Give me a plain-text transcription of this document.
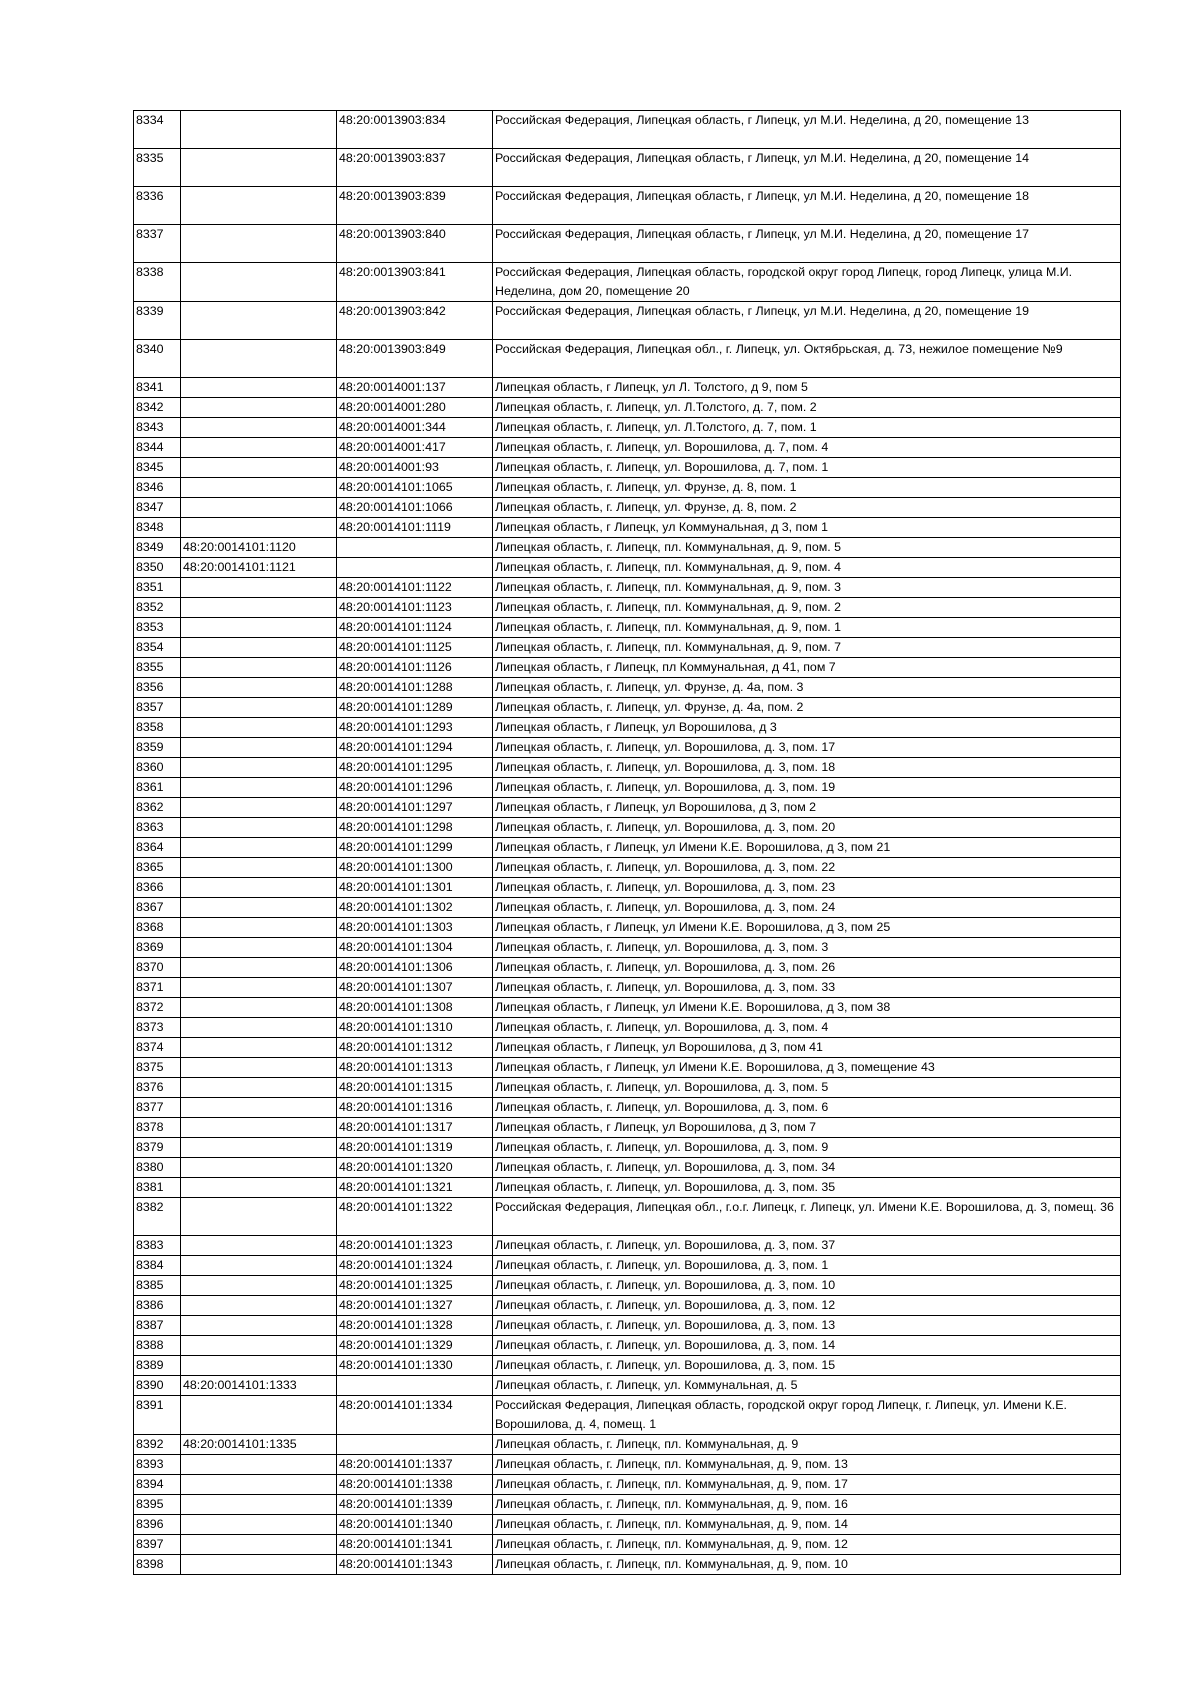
8334		48:20:0013903:834	Российская Федерация, Липецкая область, г Липецк, ул М.И. Неделина, д 20, помещение 13
8335		48:20:0013903:837	Российская Федерация, Липецкая область, г Липецк, ул М.И. Неделина, д 20, помещение 14
8336		48:20:0013903:839	Российская Федерация, Липецкая область, г Липецк, ул М.И. Неделина, д 20, помещение 18
8337		48:20:0013903:840	Российская Федерация, Липецкая область, г Липецк, ул М.И. Неделина, д 20, помещение 17
8338		48:20:0013903:841	Российская Федерация, Липецкая область, городской округ город Липецк, город Липецк, улица М.И. Неделина, дом 20, помещение 20
8339		48:20:0013903:842	Российская Федерация, Липецкая область, г Липецк, ул М.И. Неделина, д 20, помещение 19
8340		48:20:0013903:849	Российская Федерация, Липецкая обл., г. Липецк, ул. Октябрьская, д. 73, нежилое помещение №9
8341		48:20:0014001:137	Липецкая область, г Липецк, ул Л. Толстого, д 9, пом 5
8342		48:20:0014001:280	Липецкая область, г. Липецк, ул. Л.Толстого, д. 7, пом. 2
8343		48:20:0014001:344	Липецкая область, г. Липецк, ул. Л.Толстого, д. 7, пом. 1
8344		48:20:0014001:417	Липецкая область, г. Липецк, ул. Ворошилова, д. 7, пом. 4
8345		48:20:0014001:93	Липецкая область, г. Липецк, ул. Ворошилова, д. 7, пом. 1
8346		48:20:0014101:1065	Липецкая область, г. Липецк, ул. Фрунзе, д. 8, пом. 1
8347		48:20:0014101:1066	Липецкая область, г. Липецк, ул. Фрунзе, д. 8, пом. 2
8348		48:20:0014101:1119	Липецкая область, г Липецк, ул Коммунальная, д 3, пом 1
8349	48:20:0014101:1120		Липецкая область, г. Липецк, пл. Коммунальная, д. 9, пом. 5
8350	48:20:0014101:1121		Липецкая область, г. Липецк, пл. Коммунальная, д. 9, пом. 4
8351		48:20:0014101:1122	Липецкая область, г. Липецк, пл. Коммунальная, д. 9, пом. 3
8352		48:20:0014101:1123	Липецкая область, г. Липецк, пл. Коммунальная, д. 9, пом. 2
8353		48:20:0014101:1124	Липецкая область, г. Липецк, пл. Коммунальная, д. 9, пом. 1
8354		48:20:0014101:1125	Липецкая область, г. Липецк, пл. Коммунальная, д. 9, пом. 7
8355		48:20:0014101:1126	Липецкая область, г Липецк, пл Коммунальная, д 41, пом 7
8356		48:20:0014101:1288	Липецкая область, г. Липецк, ул. Фрунзе, д. 4а, пом. 3
8357		48:20:0014101:1289	Липецкая область, г. Липецк, ул. Фрунзе, д. 4а, пом. 2
8358		48:20:0014101:1293	Липецкая область, г Липецк, ул Ворошилова, д 3
8359		48:20:0014101:1294	Липецкая область, г. Липецк, ул. Ворошилова, д. 3, пом. 17
8360		48:20:0014101:1295	Липецкая область, г. Липецк, ул. Ворошилова, д. 3, пом. 18
8361		48:20:0014101:1296	Липецкая область, г. Липецк, ул. Ворошилова, д. 3, пом. 19
8362		48:20:0014101:1297	Липецкая область, г Липецк, ул Ворошилова, д 3, пом 2
8363		48:20:0014101:1298	Липецкая область, г. Липецк, ул. Ворошилова, д. 3, пом. 20
8364		48:20:0014101:1299	Липецкая область, г Липецк, ул Имени К.Е. Ворошилова, д 3, пом 21
8365		48:20:0014101:1300	Липецкая область, г. Липецк, ул. Ворошилова, д. 3, пом. 22
8366		48:20:0014101:1301	Липецкая область, г. Липецк, ул. Ворошилова, д. 3, пом. 23
8367		48:20:0014101:1302	Липецкая область, г. Липецк, ул. Ворошилова, д. 3, пом. 24
8368		48:20:0014101:1303	Липецкая область, г Липецк, ул Имени К.Е. Ворошилова, д 3, пом 25
8369		48:20:0014101:1304	Липецкая область, г. Липецк, ул. Ворошилова, д. 3, пом. 3
8370		48:20:0014101:1306	Липецкая область, г. Липецк, ул. Ворошилова, д. 3, пом. 26
8371		48:20:0014101:1307	Липецкая область, г. Липецк, ул. Ворошилова, д. 3, пом. 33
8372		48:20:0014101:1308	Липецкая область, г Липецк, ул Имени К.Е. Ворошилова, д 3, пом 38
8373		48:20:0014101:1310	Липецкая область, г. Липецк, ул. Ворошилова, д. 3, пом. 4
8374		48:20:0014101:1312	Липецкая область, г Липецк, ул Ворошилова, д 3, пом 41
8375		48:20:0014101:1313	Липецкая область, г Липецк, ул Имени К.Е. Ворошилова, д 3, помещение 43
8376		48:20:0014101:1315	Липецкая область, г. Липецк, ул. Ворошилова, д. 3, пом. 5
8377		48:20:0014101:1316	Липецкая область, г. Липецк, ул. Ворошилова, д. 3, пом. 6
8378		48:20:0014101:1317	Липецкая область, г Липецк, ул Ворошилова, д 3, пом 7
8379		48:20:0014101:1319	Липецкая область, г. Липецк, ул. Ворошилова, д. 3, пом. 9
8380		48:20:0014101:1320	Липецкая область, г. Липецк, ул. Ворошилова, д. 3, пом. 34
8381		48:20:0014101:1321	Липецкая область, г. Липецк, ул. Ворошилова, д. 3, пом. 35
8382		48:20:0014101:1322	Российская Федерация, Липецкая обл., г.о.г. Липецк, г. Липецк, ул. Имени К.Е. Ворошилова, д. 3, помещ. 36
8383		48:20:0014101:1323	Липецкая область, г. Липецк, ул. Ворошилова, д. 3, пом. 37
8384		48:20:0014101:1324	Липецкая область, г. Липецк, ул. Ворошилова, д. 3, пом. 1
8385		48:20:0014101:1325	Липецкая область, г. Липецк, ул. Ворошилова, д. 3, пом. 10
8386		48:20:0014101:1327	Липецкая область, г. Липецк, ул. Ворошилова, д. 3, пом. 12
8387		48:20:0014101:1328	Липецкая область, г. Липецк, ул. Ворошилова, д. 3, пом. 13
8388		48:20:0014101:1329	Липецкая область, г. Липецк, ул. Ворошилова, д. 3, пом. 14
8389		48:20:0014101:1330	Липецкая область, г. Липецк, ул. Ворошилова, д. 3, пом. 15
8390	48:20:0014101:1333		Липецкая область, г. Липецк, ул. Коммунальная, д. 5
8391		48:20:0014101:1334	Российская Федерация, Липецкая область, городской округ город Липецк, г. Липецк, ул. Имени К.Е. Ворошилова, д. 4, помещ. 1
8392	48:20:0014101:1335		Липецкая область, г. Липецк, пл. Коммунальная, д. 9
8393		48:20:0014101:1337	Липецкая область, г. Липецк, пл. Коммунальная, д. 9, пом. 13
8394		48:20:0014101:1338	Липецкая область, г. Липецк, пл. Коммунальная, д. 9, пом. 17
8395		48:20:0014101:1339	Липецкая область, г. Липецк, пл. Коммунальная, д. 9, пом. 16
8396		48:20:0014101:1340	Липецкая область, г. Липецк, пл. Коммунальная, д. 9, пом. 14
8397		48:20:0014101:1341	Липецкая область, г. Липецк, пл. Коммунальная, д. 9, пом. 12
8398		48:20:0014101:1343	Липецкая область, г. Липецк, пл. Коммунальная, д. 9, пом. 10
